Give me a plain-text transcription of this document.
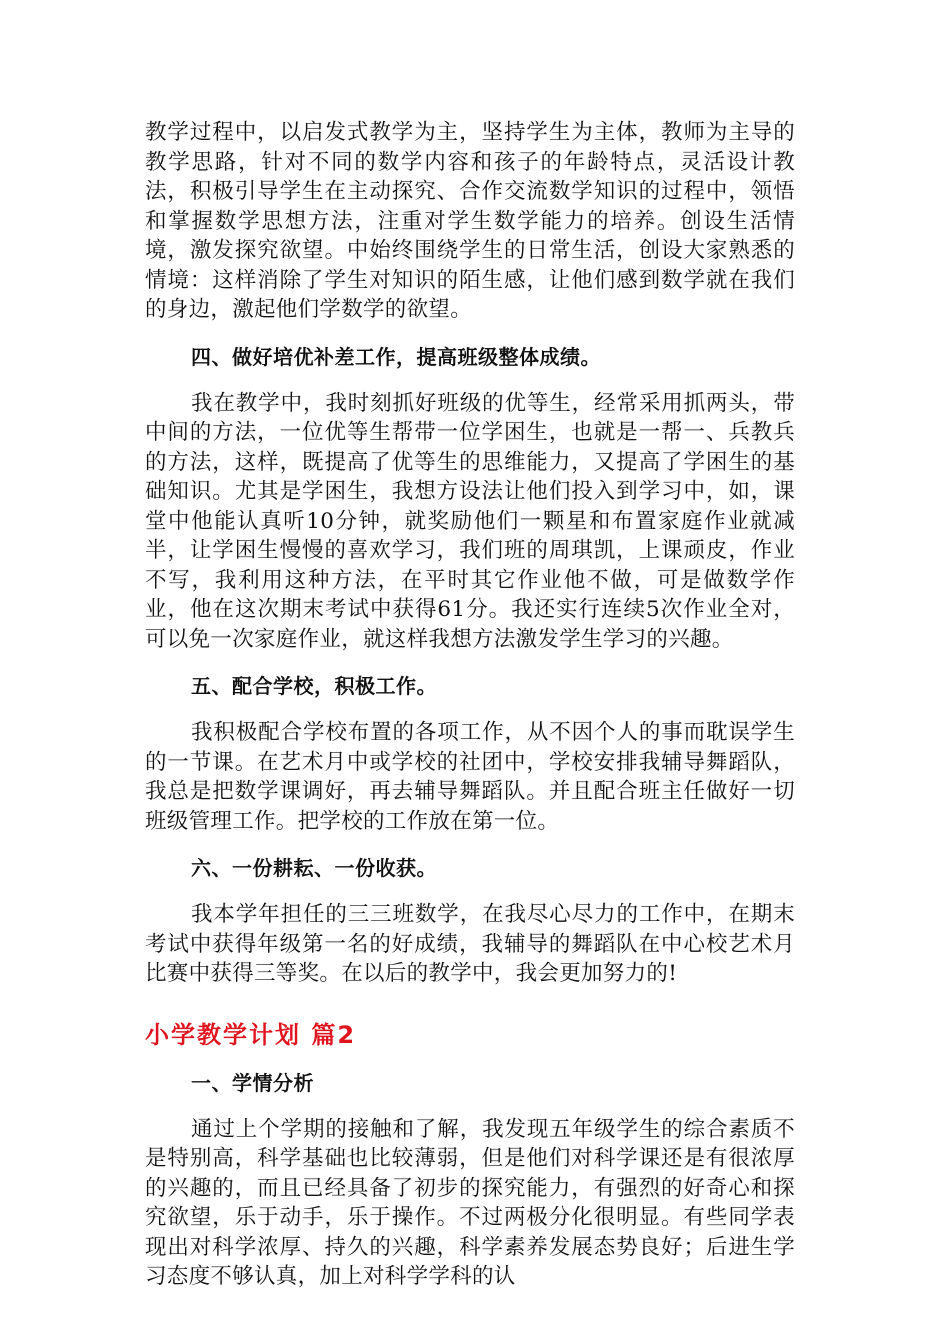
教学过程中，以启发式教学为主，坚持学生为主体，教师为主导的教学思路，针对不同的数学内容和孩子的年龄特点，灵活设计教法，积极引导学生在主动探究、合作交流数学知识的过程中，领悟和掌握数学思想方法，注重对学生数学能力的培养。创设生活情境，激发探究欲望。中始终围绕学生的日常生活，创设大家熟悉的情境：这样消除了学生对知识的陌生感，让他们感到数学就在我们的身边，激起他们学数学的欲望。

四、做好培优补差工作，提高班级整体成绩。

我在教学中，我时刻抓好班级的优等生，经常采用抓两头，带中间的方法，一位优等生帮带一位学困生，也就是一帮一、兵教兵的方法，这样，既提高了优等生的思维能力，又提高了学困生的基础知识。尤其是学困生，我想方设法让他们投入到学习中，如，课堂中他能认真听10分钟，就奖励他们一颗星和布置家庭作业就减半，让学困生慢慢的喜欢学习，我们班的周琪凯，上课顽皮，作业不写，我利用这种方法，在平时其它作业他不做，可是做数学作业，他在这次期末考试中获得61分。我还实行连续5次作业全对，可以免一次家庭作业，就这样我想方法激发学生学习的兴趣。

五、配合学校，积极工作。

我积极配合学校布置的各项工作，从不因个人的事而耽误学生的一节课。在艺术月中或学校的社团中，学校安排我辅导舞蹈队，我总是把数学课调好，再去辅导舞蹈队。并且配合班主任做好一切班级管理工作。把学校的工作放在第一位。

六、一份耕耘、一份收获。

我本学年担任的三三班数学，在我尽心尽力的工作中，在期末考试中获得年级第一名的好成绩，我辅导的舞蹈队在中心校艺术月比赛中获得三等奖。在以后的教学中，我会更加努力的!

小学教学计划 篇2
一、学情分析

通过上个学期的接触和了解，我发现五年级学生的综合素质不是特别高，科学基础也比较薄弱，但是他们对科学课还是有很浓厚的兴趣的，而且已经具备了初步的探究能力，有强烈的好奇心和探究欲望，乐于动手，乐于操作。不过两极分化很明显。有些同学表现出对科学浓厚、持久的兴趣，科学素养发展态势良好；后进生学习态度不够认真，加上对科学学科的认
